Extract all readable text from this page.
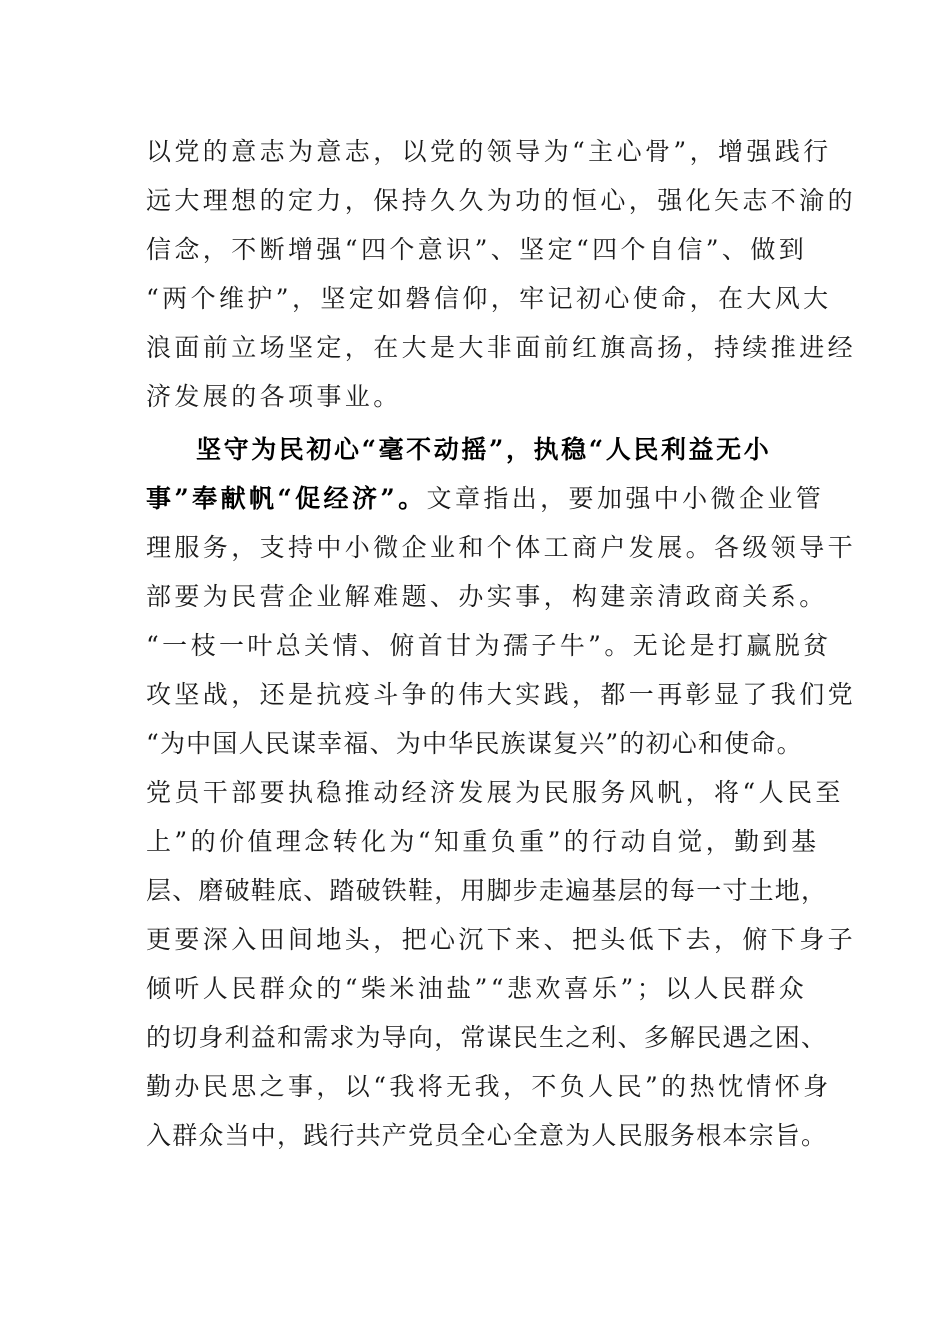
以党的意志为意志，以党的领导为“主心骨”，增强践行
远大理想的定力，保持久久为功的恒心，强化矢志不渝的
信念，不断增强“四个意识”、坚定“四个自信”、做到
“两个维护”，坚定如磐信仰，牢记初心使命，在大风大
浪面前立场坚定，在大是大非面前红旗高扬，持续推进经
济发展的各项事业。
坚守为民初心“毫不动摇”，执稳“人民利益无小
事”奉献帆“促经济”。文章指出，要加强中小微企业管
理服务，支持中小微企业和个体工商户发展。各级领导干
部要为民营企业解难题、办实事，构建亲清政商关系。
“一枝一叶总关情、俯首甘为孺子牛”。无论是打赢脱贫
攻坚战，还是抗疫斗争的伟大实践，都一再彰显了我们党
“为中国人民谋幸福、为中华民族谋复兴”的初心和使命。
党员干部要执稳推动经济发展为民服务风帆，将“人民至
上”的价值理念转化为“知重负重”的行动自觉，勤到基
层、磨破鞋底、踏破铁鞋，用脚步走遍基层的每一寸土地，
更要深入田间地头，把心沉下来、把头低下去，俯下身子
倾听人民群众的“柴米油盐”“悲欢喜乐”；以人民群众
的切身利益和需求为导向，常谋民生之利、多解民遇之困、
勤办民思之事，以“我将无我，不负人民”的热忱情怀身
入群众当中，践行共产党员全心全意为人民服务根本宗旨。
